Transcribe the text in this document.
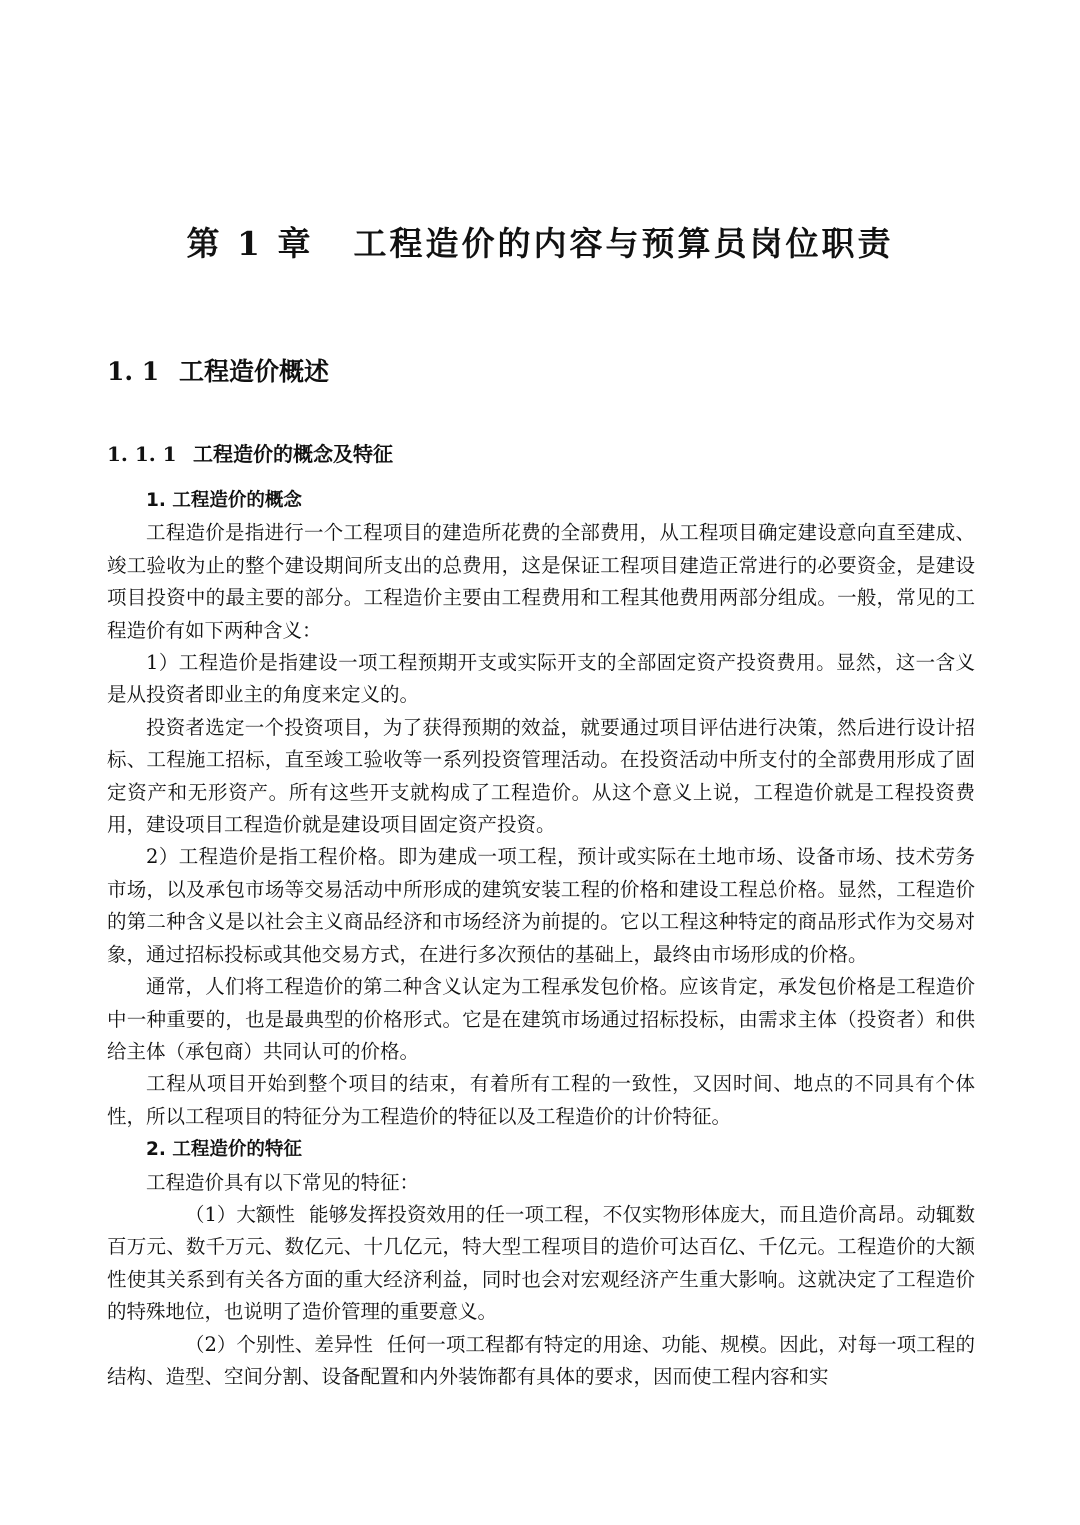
第 1 章 工程造价的内容与预算员岗位职责
1. 1 工程造价概述
1. 1. 1 工程造价的概念及特征

1. 工程造价的概念

工程造价是指进行一个工程项目的建造所花费的全部费用，从工程项目确定建设意向直至建成、竣工验收为止的整个建设期间所支出的总费用，这是保证工程项目建造正常进行的必要资金，是建设项目投资中的最主要的部分。工程造价主要由工程费用和工程其他费用两部分组成。一般，常见的工程造价有如下两种含义：

1）工程造价是指建设一项工程预期开支或实际开支的全部固定资产投资费用。显然，这一含义是从投资者即业主的角度来定义的。

投资者选定一个投资项目，为了获得预期的效益，就要通过项目评估进行决策，然后进行设计招标、工程施工招标，直至竣工验收等一系列投资管理活动。在投资活动中所支付的全部费用形成了固定资产和无形资产。所有这些开支就构成了工程造价。从这个意义上说，工程造价就是工程投资费用，建设项目工程造价就是建设项目固定资产投资。

2）工程造价是指工程价格。即为建成一项工程，预计或实际在土地市场、设备市场、技术劳务市场，以及承包市场等交易活动中所形成的建筑安装工程的价格和建设工程总价格。显然，工程造价的第二种含义是以社会主义商品经济和市场经济为前提的。它以工程这种特定的商品形式作为交易对象，通过招标投标或其他交易方式，在进行多次预估的基础上，最终由市场形成的价格。

通常，人们将工程造价的第二种含义认定为工程承发包价格。应该肯定，承发包价格是工程造价中一种重要的，也是最典型的价格形式。它是在建筑市场通过招标投标，由需求主体（投资者）和供给主体（承包商）共同认可的价格。

工程从项目开始到整个项目的结束，有着所有工程的一致性，又因时间、地点的不同具有个体性，所以工程项目的特征分为工程造价的特征以及工程造价的计价特征。

2. 工程造价的特征

工程造价具有以下常见的特征：

（1）大额性 能够发挥投资效用的任一项工程，不仅实物形体庞大，而且造价高昂。动辄数百万元、数千万元、数亿元、十几亿元，特大型工程项目的造价可达百亿、千亿元。工程造价的大额性使其关系到有关各方面的重大经济利益，同时也会对宏观经济产生重大影响。这就决定了工程造价的特殊地位，也说明了造价管理的重要意义。

（2）个别性、差异性 任何一项工程都有特定的用途、功能、规模。因此，对每一项工程的结构、造型、空间分割、设备配置和内外装饰都有具体的要求，因而使工程内容和实
